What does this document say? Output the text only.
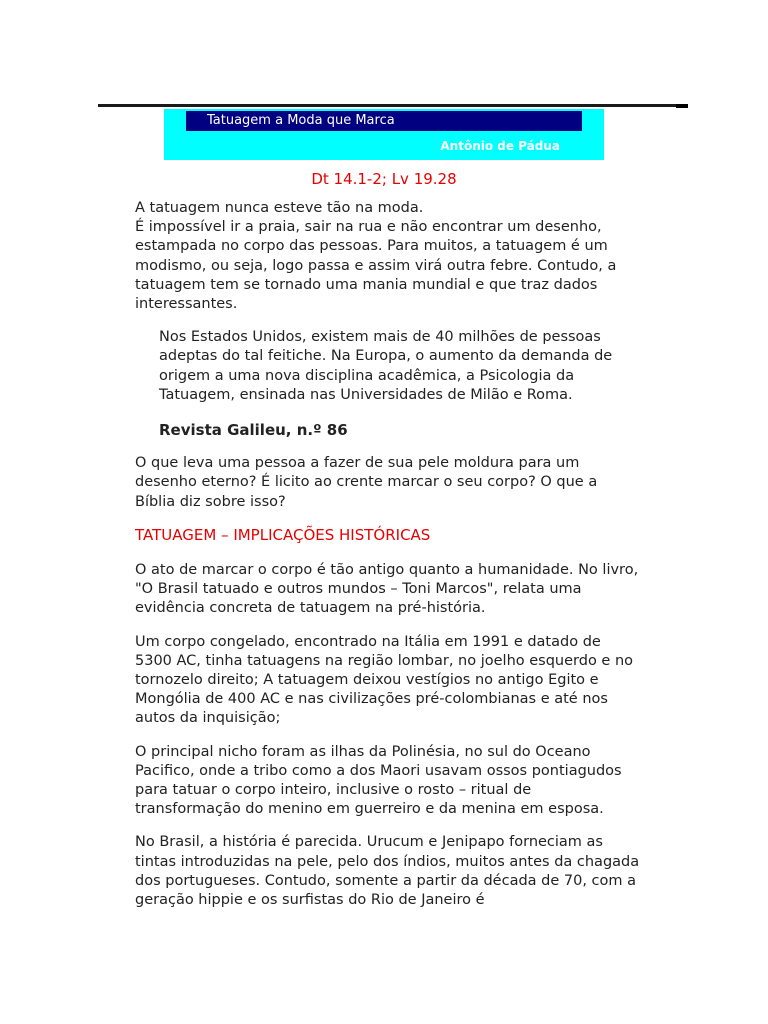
Tatuagem a Moda que Marca
Antônio de Pádua
Dt 14.1-2; Lv 19.28

A tatuagem nunca esteve tão na moda.

É impossível ir a praia, sair na rua e não encontrar um desenho, estampada no corpo das pessoas. Para muitos, a tatuagem é um modismo, ou seja, logo passa e assim virá outra febre. Contudo, a tatuagem tem se tornado uma mania mundial e que traz dados interessantes.

Nos Estados Unidos, existem mais de 40 milhões de pessoas adeptas do tal feitiche. Na Europa, o aumento da demanda de origem a uma nova disciplina acadêmica, a Psicologia da Tatuagem, ensinada nas Universidades de Milão e Roma.

Revista Galileu, n.º 86

O que leva uma pessoa a fazer de sua pele moldura para um desenho eterno? É licito ao crente marcar o seu corpo? O que a Bíblia diz sobre isso?

TATUAGEM – IMPLICAÇÕES HISTÓRICAS

O ato de marcar o corpo é tão antigo quanto a humanidade. No livro, "O Brasil tatuado e outros mundos – Toni Marcos", relata uma evidência concreta de tatuagem na pré-história.

Um corpo congelado, encontrado na Itália em 1991 e datado de 5300 AC, tinha tatuagens na região lombar, no joelho esquerdo e no tornozelo direito; A tatuagem deixou vestígios no antigo Egito e Mongólia de 400 AC e nas civilizações pré-colombianas e até nos autos da inquisição;

O principal nicho foram as ilhas da Polinésia, no sul do Oceano Pacifico, onde a tribo como a dos Maori usavam ossos pontiagudos para tatuar o corpo inteiro, inclusive o rosto – ritual de transformação do menino em guerreiro e da menina em esposa.

No Brasil, a história é parecida. Urucum e Jenipapo forneciam as tintas introduzidas na pele, pelo dos índios, muitos antes da chagada dos portugueses. Contudo, somente a partir da década de 70, com a geração hippie e os surfistas do Rio de Janeiro é
